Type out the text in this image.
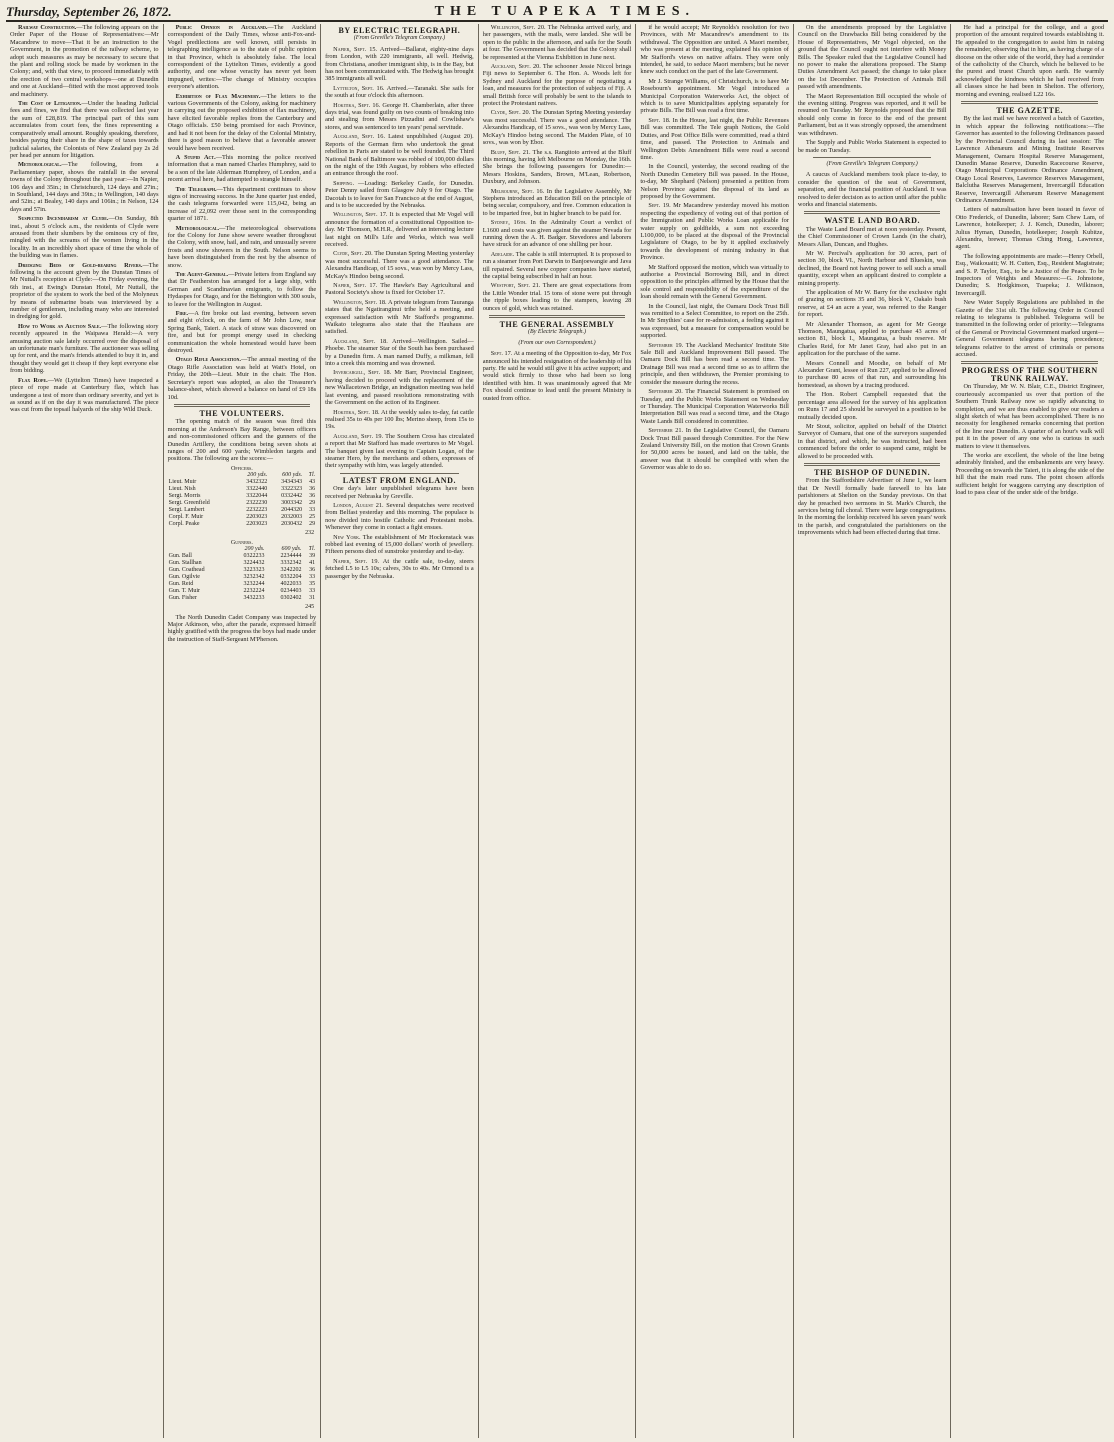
Thursday, September 26, 1872.	THE TUAPEKA TIMES.

Railway Construction.—The following appears on the Order Paper of the House of Representatives:—Mr Macandrew to move—That it be an instruction to the Government, in the promotion of the railway scheme, to adopt such measures as may be necessary to secure that the plant and rolling stock be made by workmen in the Colony; and, with that view, to proceed immediately with the erection of two central workshops—one at Dunedin and one at Auckland—fitted with the most approved tools and machinery.

The Cost of Litigation.—Under the heading Judicial fees and fines, we find that there was collected last year the sum of £28,819. The principal part of this sum accumulates from court fees, the fines representing a comparatively small amount. Roughly speaking, therefore, besides paying their share in the shape of taxes towards judicial salaries, the Colonists of New Zealand pay 2s 2d per head per annum for litigation.

Meteorological.—The following, from a Parliamentary paper, shows the rainfall in the several towns of the Colony throughout the past year:—In Napier, 106 days and 35in.; in Christchurch, 124 days and 27in.; in Southland, 144 days and 39in.; in Wellington, 140 days and 52in.; at Bealey, 140 days and 106in.; in Nelson, 124 days and 57in.

Suspected Incendiarism at Clyde.—On Sunday, 8th inst., about 5 o'clock a.m., the residents of Clyde were aroused from their slumbers by the ominous cry of fire, mingled with the screams of the women living in the locality. In an incredibly short space of time the whole of the building was in flames.

Dredging Beds of Gold-bearing Rivers.—The following is the account given by the Dunstan Times of Mr Nuttall's reception at Clyde:—On Friday evening, the 6th inst., at Ewing's Dunstan Hotel, Mr Nuttall, the proprietor of the system to work the bed of the Molyneux by means of submarine boats was interviewed by a number of gentlemen, including many who are interested in dredging for gold.

How to Work an Auction Sale.—The following story recently appeared in the Waipawa Herald:—A very amusing auction sale lately occurred over the disposal of an unfortunate man's furniture. The auctioneer was selling up for rent, and the man's friends attended to buy it in, and thought they would get it cheap if they kept everyone else from bidding.

Flax Rope.—We (Lyttelton Times) have inspected a piece of rope made at Canterbury flax, which has undergone a test of more than ordinary severity, and yet is as sound as if on the day it was manufactured. The piece was cut from the topsail halyards of the ship Wild Duck.

Public Opinion in Auckland.—The Auckland correspondent of the Daily Times, whose anti-Fox-and-Vogel predilections are well known, still persists in telegraphing intelligence as to the state of public opinion in that Province, which is absolutely false. The local correspondent of the Lyttelton Times, evidently a good authority, and one whose veracity has never yet been impugned, writes:—The change of Ministry occupies everyone's attention.

Exhibition of Flax Machinery.—The letters to the various Governments of the Colony, asking for machinery in carrying out the proposed exhibition of flax machinery, have elicited favorable replies from the Canterbury and Otago officials. £50 being promised for each Province, and had it not been for the delay of the Colonial Ministry, there is good reason to believe that a favorable answer would have been received.

A Stupid Act.—This morning the police received information that a man named Charles Humphrey, said to be a son of the late Alderman Humphrey, of London, and a recent arrival here, had attempted to strangle himself.

The Telegraph.—This department continues to show signs of increasing success. In the June quarter just ended, the cash telegrams forwarded were 115,042, being an increase of 22,092 over those sent in the corresponding quarter of 1871.

Meteorological.—The meteorological observations for the Colony for June show severe weather throughout the Colony, with snow, hail, and rain, and unusually severe frosts and snow showers in the South. Nelson seems to have been distinguished from the rest by the absence of snow.

The Agent-General.—Private letters from England say that Dr Featherston has arranged for a large ship, with German and Scandinavian emigrants, to follow the Hydaspes for Otago, and for the Bebington with 300 souls, to leave for the Wellington in August.

Fire.—A fire broke out last evening, between seven and eight o'clock, on the farm of Mr John Low, near Spring Bank, Taieri. A stack of straw was discovered on fire, and but for prompt energy used in checking communication the whole homestead would have been destroyed.

Otago Rifle Association.—The annual meeting of the Otago Rifle Association was held at Watt's Hotel, on Friday, the 20th—Lieut. Muir in the chair. The Hon. Secretary's report was adopted, as also the Treasurer's balance-sheet, which showed a balance on hand of £9 18s 10d.

THE VOLUNTEERS.

The opening match of the season was fired this morning at the Anderson's Bay Range, between officers and non-commissioned officers and the gunners of the Dunedin Artillery, the conditions being seven shots at ranges of 200 and 600 yards; Wimbledon targets and positions. The following are the scores:—

Officers.
	200 yds.	600 yds.	Tl.
Lieut. Muir	3432322	3434343	43
Lieut. Nish	3322440	3322323	36
Sergt. Morris	3322044	0332442	36
Sergt. Greenfield	2322230	3003342	29
Sergt. Lambert	2232223	2044320	33
Corpl. F. Muir	2203023	2032003	25
Corpl. Peake	2203023	2030432	29
232
Gunners.
	200 yds.	600 yds.	Tl.
Gun. Ball	0322233	2234444	39
Gun. Stallhan	3224432	3332342	41
Gun. Coathead	3223323	3242202	36
Gun. Ogilvie	3232342	0332204	33
Gun. Reid	3232244	4022033	35
Gun. T. Muir	2232224	0234403	33
Gun. Fisher	3432233	0302402	31
245

The North Dunedin Cadet Company was inspected by Major Atkinson, who, after the parade, expressed himself highly gratified with the progress the boys had made under the instruction of Staff-Sergeant M'Pherson.

BY ELECTRIC TELEGRAPH.
(From Greville's Telegram Company.)

Napier, Sept. 15. Arrived—Ballarat, eighty-nine days from London, with 220 immigrants, all well. Hedwig, from Christiana, another immigrant ship, is in the Bay, but has not been communicated with. The Hedwig has brought 385 immigrants all well.

Lyttelton, Sept. 16. Arrived.—Taranaki. She sails for the south at four o'clock this afternoon.

Hokitika, Sept. 16. George H. Chamberlain, after three days trial, was found guilty on two counts of breaking into and stealing from Messrs Pizzadini and Cowlishaw's stores, and was sentenced to ten years' penal servitude.

Auckland, Sept. 16. Latest unpublished (August 20). Reports of the German firm who undertook the great rebellion in Paris are stated to be well founded. The Third National Bank of Baltimore was robbed of 100,000 dollars on the night of the 19th August, by robbers who effected an entrance through the roof.

Shipping. —Loading: Berkeley Castle, for Dunedin. Peter Denny sailed from Glasgow July 9 for Otago. The Dacotah is to leave for San Francisco at the end of August, and is to be succeeded by the Nebraska.

Wellington, Sept. 17. It is expected that Mr Vogel will announce the formation of a constitutional Opposition to-day. Mr Thomson, M.H.R., delivered an interesting lecture last night on Mill's Life and Works, which was well received.

Clyde, Sept. 20. The Dunstan Spring Meeting yesterday was most successful. There was a good attendance. The Alexandra Handicap, of 15 sovs., was won by Mercy Lass, McKay's Hindoo being second.

Napier, Sept. 17. The Hawke's Bay Agricultural and Pastoral Society's show is fixed for October 17.

Wellington, Sept. 18. A private telegram from Tauranga states that the Ngatiranginui tribe held a meeting, and expressed satisfaction with Mr Stafford's programme. Waikato telegrams also state that the Hauhaus are satisfied.

Auckland, Sept. 18. Arrived—Wellington. Sailed—Phoebe. The steamer Star of the South has been purchased by a Dunedin firm. A man named Duffy, a milkman, fell into a creek this morning and was drowned.

Invercargill, Sept. 18. Mr Barr, Provincial Engineer, having decided to proceed with the replacement of the new Wallacetown Bridge, an indignation meeting was held last evening, and passed resolutions remonstrating with the Government on the action of its Engineer.

Hokitika, Sept. 18. At the weekly sales to-day, fat cattle realised 35s to 40s per 100 lbs; Merino sheep, from 15s to 19s.

Auckland, Sept. 19. The Southern Cross has circulated a report that Mr Stafford has made overtures to Mr Vogel. The banquet given last evening to Captain Logan, of the steamer Hero, by the merchants and others, expresses of their sympathy with him, was largely attended.

LATEST FROM ENGLAND.

One day's later unpublished telegrams have been received per Nebraska by Greville.

London, August 21. Several despatches were received from Belfast yesterday and this morning. The populace is now divided into hostile Catholic and Protestant mobs. Whenever they come in contact a fight ensues.

New York. The establishment of Mr Hockenstack was robbed last evening of 15,000 dollars' worth of jewellery. Fifteen persons died of sunstroke yesterday and to-day.

Napier, Sept. 19. At the cattle sale, to-day, steers fetched L5 to L5 10s; calves, 30s to 40s. Mr Ormond is a passenger by the Nebraska.

Wellington, Sept. 20. The Nebraska arrived early, and her passengers, with the mails, were landed. She will be open to the public in the afternoon, and sails for the South at four. The Government has decided that the Colony shall be represented at the Vienna Exhibition in June next.

Auckland, Sept. 20. The schooner Jessie Niccol brings Fiji news to September 6. The Hon. A. Woods left for Sydney and Auckland for the purpose of negotiating a loan, and measures for the protection of subjects of Fiji. A small British force will probably be sent to the islands to protect the Protestant natives.

Clyde, Sept. 20. The Dunstan Spring Meeting yesterday was most successful. There was a good attendance. The Alexandra Handicap, of 15 sovs., was won by Mercy Lass, McKay's Hindoo being second. The Maiden Plate, of 10 sovs., was won by Ebor.

Bluff, Sept. 21. The s.s. Rangitoto arrived at the Bluff this morning, having left Melbourne on Monday, the 16th. She brings the following passengers for Dunedin:—Messrs Hoskins, Sanders, Brown, M'Lean, Robertson, Duxbury, and Johnson.

Melbourne, Sept. 16. In the Legislative Assembly, Mr Stephens introduced an Education Bill on the principle of being secular, compulsory, and free. Common education is to be imparted free, but in higher branch to be paid for.

Sydney, 16th. In the Admiralty Court a verdict of L1600 and costs was given against the steamer Nevada for running down the A. H. Badger. Stevedores and laborers have struck for an advance of one shilling per hour.

Adelaide. The cable is still interrupted. It is proposed to run a steamer from Port Darwin to Banjoewangie and Java till repaired. Several new copper companies have started, the capital being subscribed in half an hour.

Westport, Sept. 21. There are great expectations from the Little Wonder trial. 15 tons of stone were put through the ripple boxes leading to the stampers, leaving 28 ounces of gold, which was retained.

THE GENERAL ASSEMBLY
(By Electric Telegraph.)
(From our own Correspondent.)

Sept. 17. At a meeting of the Opposition to-day, Mr Fox announced his intended resignation of the leadership of his party. He said he would still give it his active support; and would stick firmly to those who had been so long identified with him. It was unanimously agreed that Mr Fox should continue to lead until the present Ministry is ousted from office.

if he would accept; Mr Reynolds's resolution for two Provinces, with Mr Macandrew's amendment to its withdrawal. The Opposition are united. A Maori member, who was present at the meeting, explained his opinion of Mr Stafford's views on native affairs. They were only intended, he said, to seduce Maori members; but he never knew such conduct on the part of the late Government.

Mr J. Strange Williams, of Christchurch, is to have Mr Rosebourn's appointment. Mr Vogel introduced a Municipal Corporation Waterworks Act, the object of which is to save Municipalities applying separately for private Bills. The Bill was read a first time.

Sept. 18. In the House, last night, the Public Revenues Bill was committed. The Tele graph Notices, the Gold Duties, and Post Office Bills were committed, read a third time, and passed. The Protection to Animals and Wellington Debts Amendment Bills were read a second time.

In the Council, yesterday, the second reading of the North Dunedin Cemetery Bill was passed. In the House, to-day, Mr Shephard (Nelson) presented a petition from Nelson Province against the disposal of its land as proposed by the Government.

Sept. 19. Mr Macandrew yesterday moved his motion respecting the expediency of voting out of that portion of the Immigration and Public Works Loan applicable for water supply on goldfields, a sum not exceeding L100,000, to be placed at the disposal of the Provincial Legislature of Otago, to be by it applied exclusively towards the development of mining industry in that Province.

Mr Stafford opposed the motion, which was virtually to authorise a Provincial Borrowing Bill, and in direct opposition to the principles affirmed by the House that the sole control and responsibility of the expenditure of the loan should remain with the General Government.

In the Council, last night, the Oamaru Dock Trust Bill was remitted to a Select Committee, to report on the 25th. In Mr Smythies' case for re-admission, a feeling against it was expressed, but a measure for compensation would be supported.

September 19. The Auckland Mechanics' Institute Site Sale Bill and Auckland Improvement Bill passed. The Oamaru Dock Bill has been read a second time. The Drainage Bill was read a second time so as to affirm the principle, and then withdrawn, the Premier promising to consider the measure during the recess.

September 20. The Financial Statement is promised on Tuesday, and the Public Works Statement on Wednesday or Thursday. The Municipal Corporation Waterworks Bill Interpretation Bill was read a second time, and the Otago Waste Lands Bill considered in committee.

September 21. In the Legislative Council, the Oamaru Dock Trust Bill passed through Committee. For the New Zealand University Bill, on the motion that Crown Grants for 50,000 acres be issued, and laid on the table, the answer was that it should be complied with when the Governor was able to do so.

On the amendments proposed by the Legislative Council on the Drawbacks Bill being considered by the House of Representatives, Mr Vogel objected, on the ground that the Council ought not interfere with Money Bills. The Speaker ruled that the Legislative Council had no power to make the alterations proposed. The Stamp Duties Amendment Act passed; the change to take place on the 1st December. The Protection of Animals Bill passed with amendments.

The Maori Representation Bill occupied the whole of the evening sitting. Progress was reported, and it will be resumed on Tuesday. Mr Reynolds proposed that the Bill should only come in force to the end of the present Parliament, but as it was strongly opposed, the amendment was withdrawn.

The Supply and Public Works Statement is expected to be made on Tuesday.

(From Greville's Telegram Company.)

A caucus of Auckland members took place to-day, to consider the question of the seat of Government, separation, and the financial position of Auckland. It was resolved to defer decision as to action until after the public works and financial statements.

WASTE LAND BOARD.

The Waste Land Board met at noon yesterday. Present, the Chief Commissioner of Crown Lands (in the chair), Messrs Allan, Duncan, and Hughes.

Mr W. Percival's application for 30 acres, part of section 30, block VI., North Harbour and Blueskin, was declined, the Board not having power to sell such a small quantity, except when an applicant desired to complete a mining property.

The application of Mr W. Barry for the exclusive right of grazing on sections 35 and 36, block V., Oakalo bush reserve, at £4 an acre a year, was referred to the Ranger for report.

Mr Alexander Thomson, as agent for Mr George Thomson, Maungatua, applied to purchase 43 acres of section 81, block I., Maungatua, a bush reserve. Mr Charles Reid, for Mr Janet Gray, had also put in an application for the purchase of the same.

Messrs Connell and Moodie, on behalf of Mr Alexander Grant, lessee of Run 227, applied to be allowed to purchase 80 acres of that run, and surrounding his homestead, as shown by a tracing produced.

The Hon. Robert Campbell requested that the percentage area allowed for the survey of his application on Runs 17 and 25 should be surveyed in a position to be mutually decided upon.

Mr Stout, solicitor, applied on behalf of the District Surveyor of Oamaru, that one of the surveyors suspended in that district, and which, he was instructed, had been commenced before the order to suspend came, might be allowed to be proceeded with.

THE BISHOP OF DUNEDIN.

From the Staffordshire Advertiser of June 1, we learn that Dr Nevill formally bade farewell to his late parishioners at Shelton on the Sunday previous. On that day he preached two sermons in St. Mark's Church, the services being full choral. There were large congregations. In the morning the lordship received his seven years' work in the parish, and congratulated the parishioners on the improvements which had been effected during that time.

He had a principal for the college, and a good proportion of the amount required towards establishing it. He appealed to the congregation to assist him in raising the remainder, observing that in him, as having charge of a diocese on the other side of the world, they had a reminder of the catholicity of the Church, which he believed to be the purest and truest Church upon earth. He warmly acknowledged the kindness which he had received from all classes since he had been in Shelton. The offertory, morning and evening, realised L22 16s.

THE GAZETTE.

By the last mail we have received a batch of Gazettes, in which appear the following notifications:—The Governor has assented to the following Ordinances passed by the Provincial Council during its last session: The Lawrence Athenæum and Mining Institute Reserves Management, Oamaru Hospital Reserve Management, Dunedin Manse Reserve, Dunedin Racecourse Reserve, Otago Municipal Corporations Ordinance Amendment, Otago Local Reserves, Lawrence Reserves Management, Balclutha Reserves Management, Invercargill Education Reserve, Invercargill Athenæum Reserve Management Ordinance Amendment.

Letters of naturalisation have been issued in favor of Otto Frederick, of Dunedin, laborer; Sam Chew Lam, of Lawrence, hotelkeeper; J. J. Kench, Dunedin, laborer; Julius Hyman, Dunedin, hotelkeeper; Joseph Kubitze, Alexandra, brewer; Thomas Ching Hong, Lawrence, agent.

The following appointments are made:—Henry Orbell, Esq., Waikouaiti; W. H. Cutten, Esq., Resident Magistrate; and S. P. Taylor, Esq., to be a Justice of the Peace. To be Inspectors of Weights and Measures:—G. Johnstone, Dunedin; S. Hodgkinson, Tuapeka; J. Wilkinson, Invercargill.

New Water Supply Regulations are published in the Gazette of the 31st ult. The following Order in Council relating to telegrams is published. Telegrams will be transmitted in the following order of priority:—Telegrams of the General or Provincial Government marked urgent—General Government telegrams having precedence; telegrams relative to the arrest of criminals or persons accused.

PROGRESS OF THE SOUTHERN TRUNK RAILWAY.

On Thursday, Mr W. N. Blair, C.E., District Engineer, courteously accompanied us over that portion of the Southern Trunk Railway now so rapidly advancing to completion, and we are thus enabled to give our readers a slight sketch of what has been accomplished. There is no necessity for lengthened remarks concerning that portion of the line near Dunedin. A quarter of an hour's walk will put it in the power of any one who is curious in such matters to view it themselves.

The works are excellent, the whole of the line being admirably finished, and the embankments are very heavy. Proceeding on towards the Taieri, it is along the side of the hill that the main road runs. The point chosen affords sufficient height for waggons carrying any description of load to pass clear of the under side of the bridge.
